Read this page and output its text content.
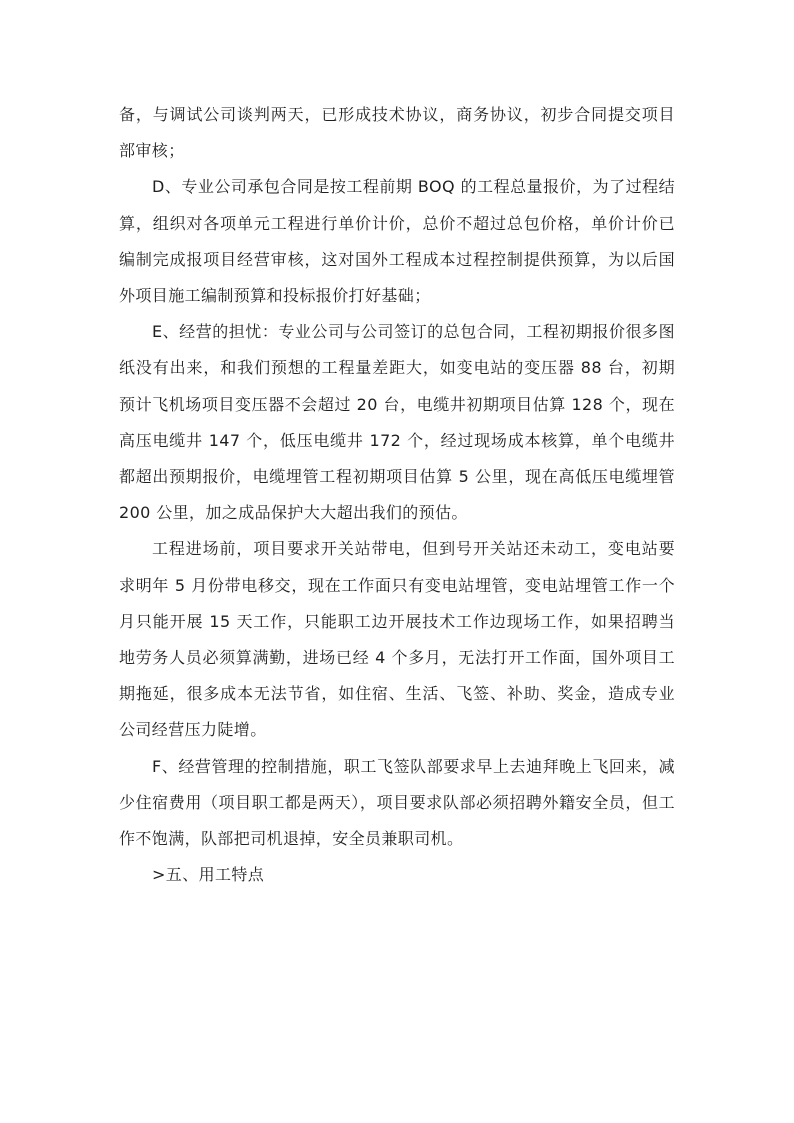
备，与调试公司谈判两天，已形成技术协议，商务协议，初步合同提交项目部审核；

D、专业公司承包合同是按工程前期 BOQ 的工程总量报价，为了过程结算，组织对各项单元工程进行单价计价，总价不超过总包价格，单价计价已编制完成报项目经营审核，这对国外工程成本过程控制提供预算，为以后国外项目施工编制预算和投标报价打好基础；

E、经营的担忧：专业公司与公司签订的总包合同，工程初期报价很多图纸没有出来，和我们预想的工程量差距大，如变电站的变压器 88 台，初期预计飞机场项目变压器不会超过 20 台，电缆井初期项目估算 128 个，现在高压电缆井 147 个，低压电缆井 172 个，经过现场成本核算，单个电缆井都超出预期报价，电缆埋管工程初期项目估算 5 公里，现在高低压电缆埋管 200 公里，加之成品保护大大超出我们的预估。

工程进场前，项目要求开关站带电，但到号开关站还未动工，变电站要求明年 5 月份带电移交，现在工作面只有变电站埋管，变电站埋管工作一个月只能开展 15 天工作，只能职工边开展技术工作边现场工作，如果招聘当地劳务人员必须算满勤，进场已经 4 个多月，无法打开工作面，国外项目工期拖延，很多成本无法节省，如住宿、生活、飞签、补助、奖金，造成专业公司经营压力陡增。

F、经营管理的控制措施，职工飞签队部要求早上去迪拜晚上飞回来，减少住宿费用（项目职工都是两天），项目要求队部必须招聘外籍安全员，但工作不饱满，队部把司机退掉，安全员兼职司机。

>五、用工特点
